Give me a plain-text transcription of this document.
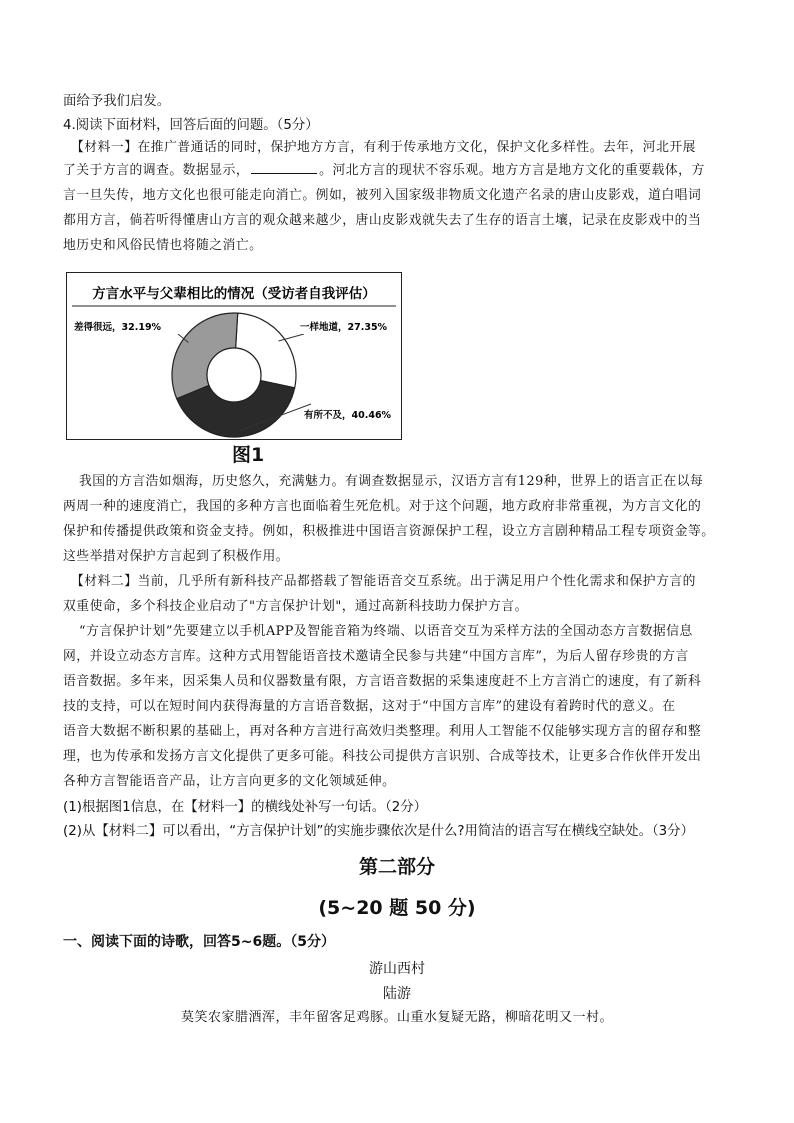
面给予我们启发。
4.阅读下面材料，回答后面的问题。（5分）
【材料一】在推广普通话的同时，保护地方方言，有利于传承地方文化，保护文化多样性。去年，河北开展
了关于方言的调查。数据显示，	。河北方言的现状不容乐观。地方方言是地方文化的重要载体，方
言一旦失传，地方文化也很可能走向消亡。例如，被列入国家级非物质文化遗产名录的唐山皮影戏，道白唱词
都用方言，倘若听得懂唐山方言的观众越来越少，唐山皮影戏就失去了生存的语言土壤，记录在皮影戏中的当
地历史和风俗民情也将随之消亡。
方言水平与父辈相比的情况（受访者自我评估）
一样地道，27.35%
有所不及，40.46%
差得很远，32.19%
图1
我国的方言浩如烟海，历史悠久，充满魅力。有调查数据显示，汉语方言有129种，世界上的语言正在以每
两周一种的速度消亡，我国的多种方言也面临着生死危机。对于这个问题，地方政府非常重视，为方言文化的
保护和传播提供政策和资金支持。例如，积极推进中国语言资源保护工程，设立方言剧种精品工程专项资金等。
这些举措对保护方言起到了积极作用。
【材料二】当前，几乎所有新科技产品都搭载了智能语音交互系统。出于满足用户个性化需求和保护方言的
双重使命，多个科技企业启动了"方言保护计划"，通过高新科技助力保护方言。
“方言保护计划”先要建立以手机APP及智能音箱为终端、以语音交互为采样方法的全国动态方言数据信息
网，并设立动态方言库。这种方式用智能语音技术邀请全民参与共建“中国方言库”，为后人留存珍贵的方言
语音数据。多年来，因采集人员和仪器数量有限，方言语音数据的采集速度赶不上方言消亡的速度，有了新科
技的支持，可以在短时间内获得海量的方言语音数据，这对于“中国方言库”的建设有着跨时代的意义。在
语音大数据不断积累的基础上，再对各种方言进行高效归类整理。利用人工智能不仅能够实现方言的留存和整
理，也为传承和发扬方言文化提供了更多可能。科技公司提供方言识别、合成等技术，让更多合作伙伴开发出
各种方言智能语音产品，让方言向更多的文化领域延伸。
(1)根据图1信息，在【材料一】的横线处补写一句话。（2分）
(2)从【材料二】可以看出，“方言保护计划”的实施步骤依次是什么?用简洁的语言写在横线空缺处。（3分）
第二部分
(5~20 题 50 分)
一、阅读下面的诗歌，回答5~6题。（5分）
游山西村
陆游
莫笑农家腊酒浑，丰年留客足鸡豚。山重水复疑无路，柳暗花明又一村。
